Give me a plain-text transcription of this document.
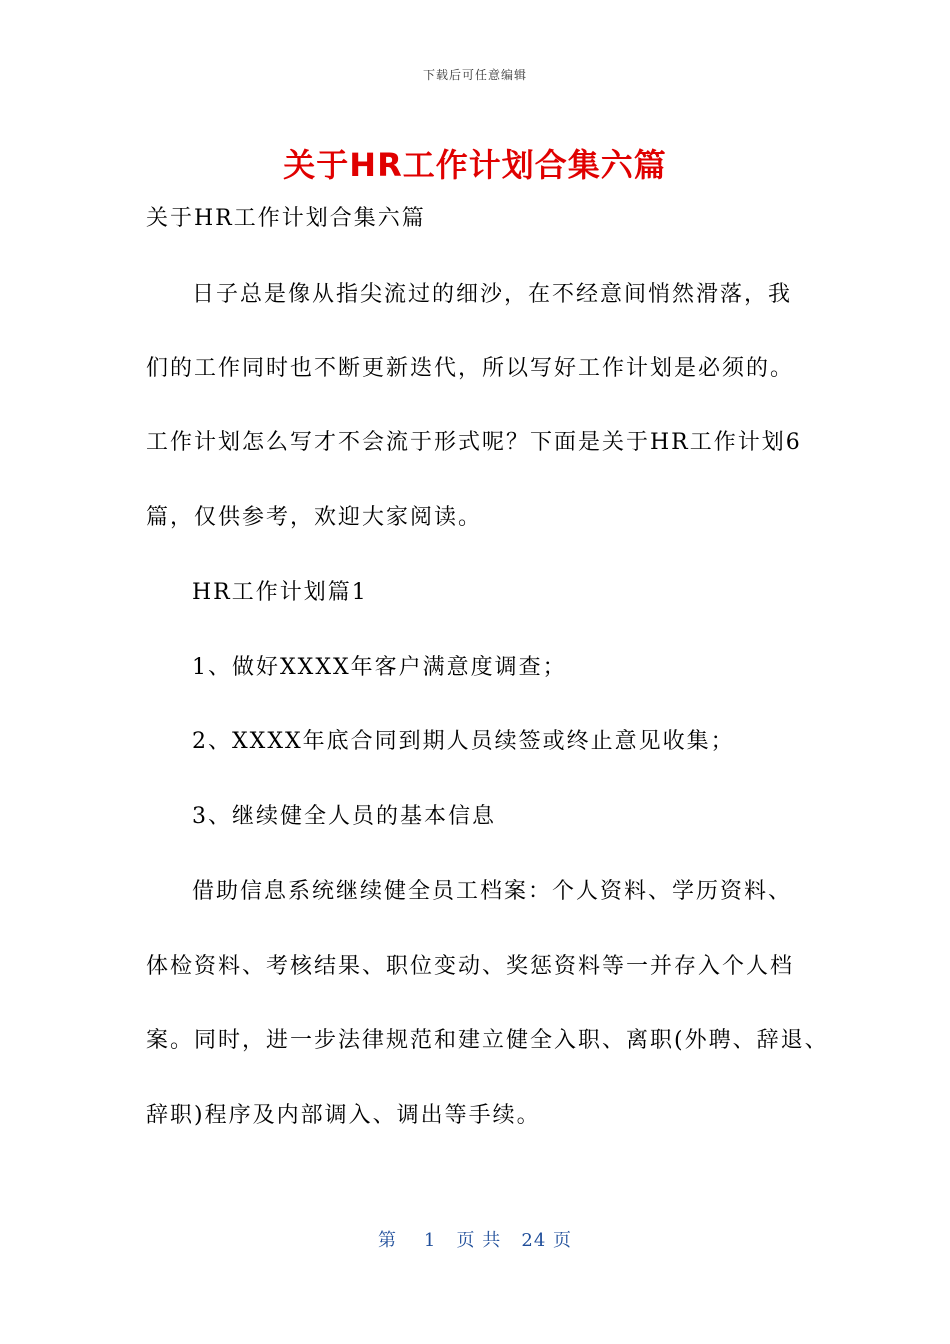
下载后可任意编辑
关于HR工作计划合集六篇
关于HR工作计划合集六篇
日子总是像从指尖流过的细沙，在不经意间悄然滑落，我
们的工作同时也不断更新迭代，所以写好工作计划是必须的。
工作计划怎么写才不会流于形式呢？下面是关于HR工作计划6
篇，仅供参考，欢迎大家阅读。
HR工作计划篇1
1、做好XXXX年客户满意度调查；
2、XXXX年底合同到期人员续签或终止意见收集；
3、继续健全人员的基本信息
借助信息系统继续健全员工档案：个人资料、学历资料、
体检资料、考核结果、职位变动、奖惩资料等一并存入个人档
案。同时，进一步法律规范和建立健全入职、离职(外聘、辞退、
辞职)程序及内部调入、调出等手续。
第 1 页 共 24 页
